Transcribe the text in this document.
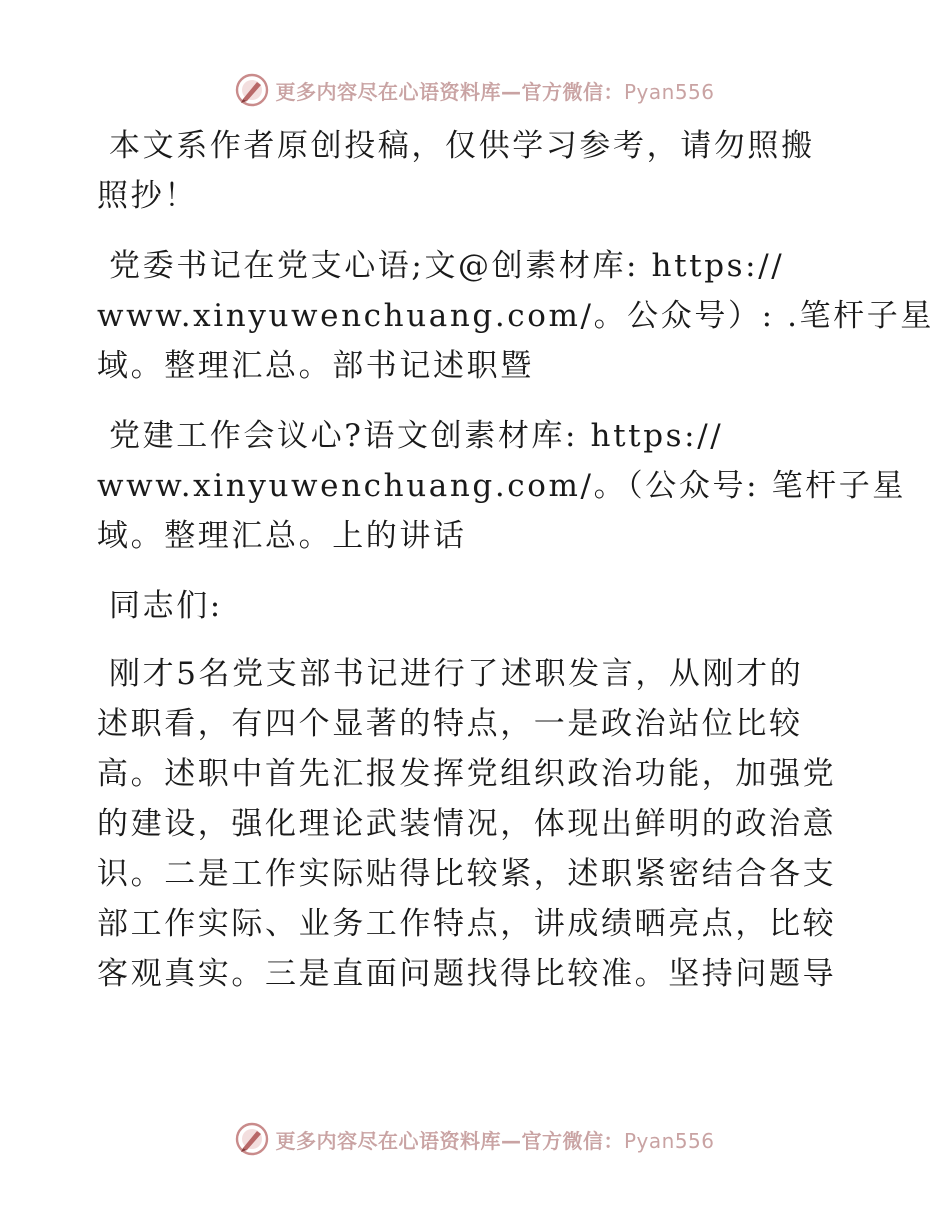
更多内容尽在心语资料库—官方微信：Pyan556

本文系作者原创投稿，仅供学习参考，请勿照搬
照抄！

党委书记在党支心语;文@创素材库: https://
www.xinyuwenchuang.com/。公众号）: .笔杆子星
域。整理汇总。部书记述职暨

党建工作会议心?语文创素材库: https://
www.xinyuwenchuang.com/。（公众号: 笔杆子星
域。整理汇总。上的讲话

同志们:

刚才5名党支部书记进行了述职发言，从刚才的
述职看，有四个显著的特点，一是政治站位比较
高。述职中首先汇报发挥党组织政治功能，加强党
的建设，强化理论武装情况，体现出鲜明的政治意
识。二是工作实际贴得比较紧，述职紧密结合各支
部工作实际、业务工作特点，讲成绩晒亮点，比较
客观真实。三是直面问题找得比较准。坚持问题导

更多内容尽在心语资料库—官方微信：Pyan556
